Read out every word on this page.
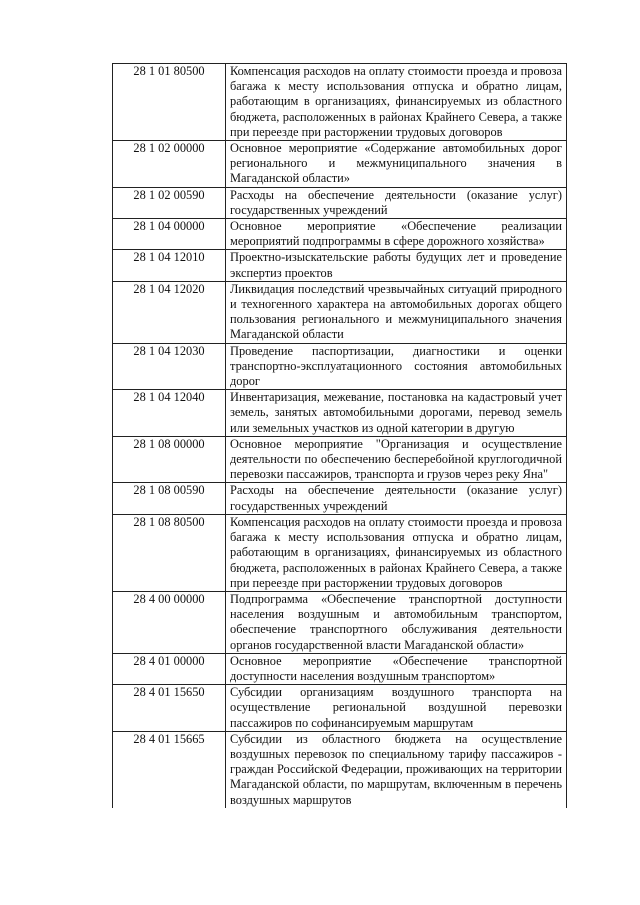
28 1 01 80500	Компенсация расходов на оплату стоимости проезда и провоза багажа к месту использования отпуска и обратно лицам, работающим в организациях, финансируемых из областного бюджета, расположенных в районах Крайнего Севера, а также при переезде при расторжении трудовых договоров
28 1 02 00000	Основное мероприятие «Содержание автомобильных дорог регионального и межмуниципального значения в Магаданской области»
28 1 02 00590	Расходы на обеспечение деятельности (оказание услуг) государственных учреждений
28 1 04 00000	Основное мероприятие «Обеспечение реализации мероприятий подпрограммы в сфере дорожного хозяйства»
28 1 04 12010	Проектно-изыскательские работы будущих лет и проведение экспертиз проектов
28 1 04 12020	Ликвидация последствий чрезвычайных ситуаций природного и техногенного характера на автомобильных дорогах общего пользования регионального и межмуниципального значения Магаданской области
28 1 04 12030	Проведение паспортизации, диагностики и оценки транспортно-эксплуатационного состояния автомобильных дорог
28 1 04 12040	Инвентаризация, межевание, постановка на кадастровый учет земель, занятых автомобильными дорогами, перевод земель или земельных участков из одной категории в другую
28 1 08 00000	Основное мероприятие "Организация и осуществление деятельности по обеспечению бесперебойной круглогодичной перевозки пассажиров, транспорта и грузов через реку Яна"
28 1 08 00590	Расходы на обеспечение деятельности (оказание услуг) государственных учреждений
28 1 08 80500	Компенсация расходов на оплату стоимости проезда и провоза багажа к месту использования отпуска и обратно лицам, работающим в организациях, финансируемых из областного бюджета, расположенных в районах Крайнего Севера, а также при переезде при расторжении трудовых договоров
28 4 00 00000	Подпрограмма «Обеспечение транспортной доступности населения воздушным и автомобильным транспортом, обеспечение транспортного обслуживания деятельности органов государственной власти Магаданской области»
28 4 01 00000	Основное мероприятие «Обеспечение транспортной доступности населения воздушным транспортом»
28 4 01 15650	Субсидии организациям воздушного транспорта на осуществление региональной воздушной перевозки пассажиров по софинансируемым маршрутам
28 4 01 15665	Субсидии из областного бюджета на осуществление воздушных перевозок по специальному тарифу пассажиров - граждан Российской Федерации, проживающих на территории Магаданской области, по маршрутам, включенным в перечень воздушных маршрутов
